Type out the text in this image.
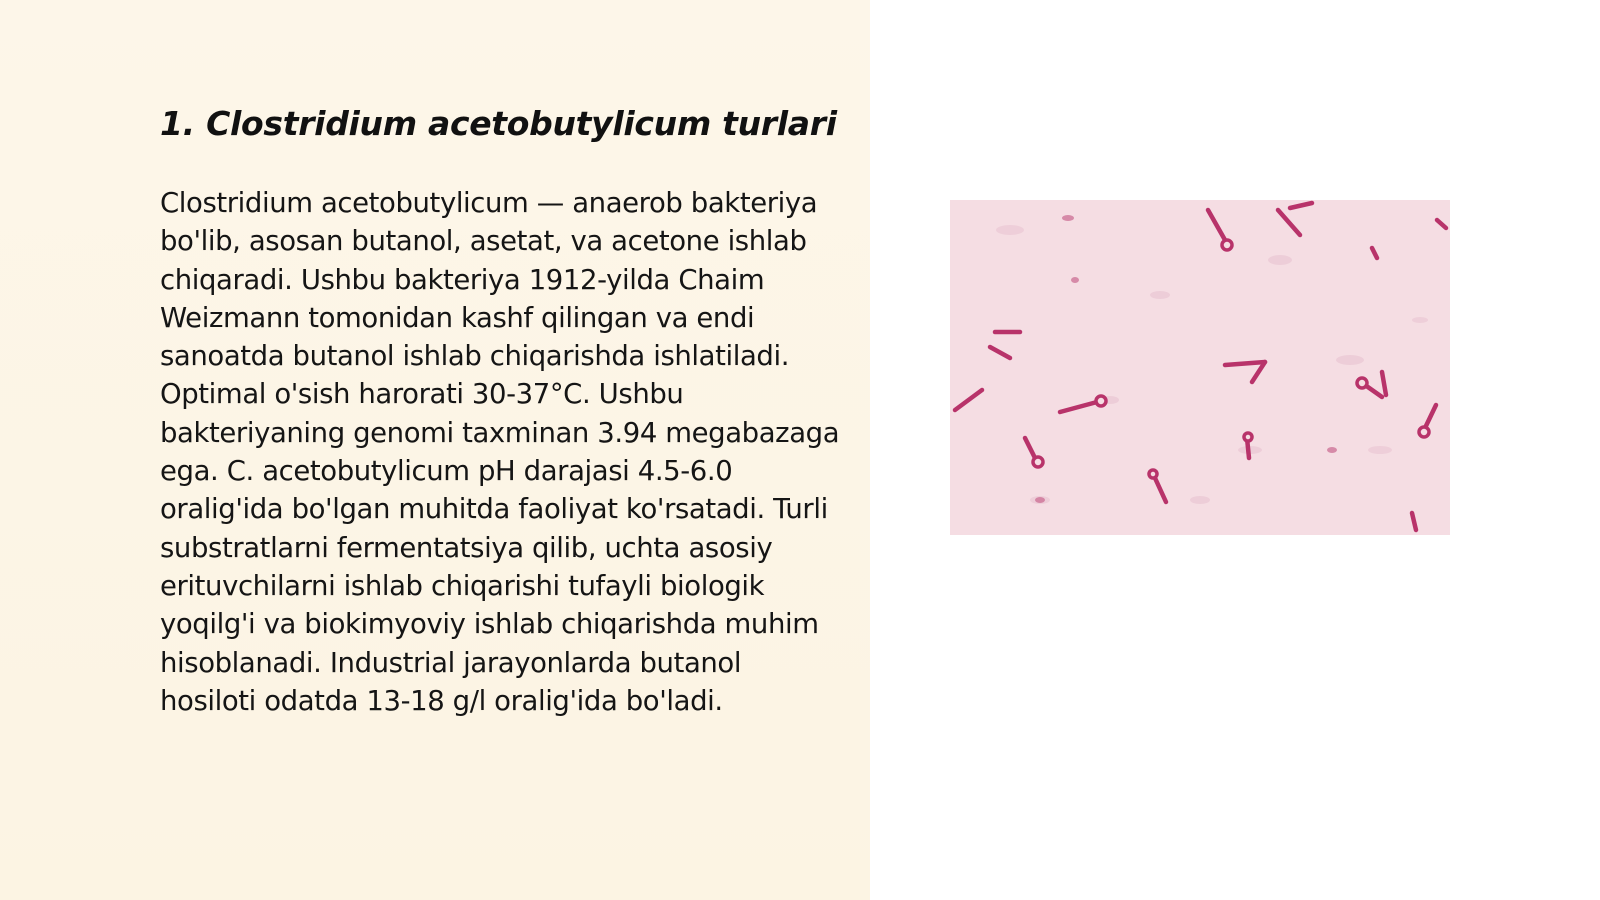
1. Clostridium acetobutylicum turlari

Clostridium acetobutylicum — anaerob bakteriya bo'lib, asosan butanol, asetat, va acetone ishlab chiqaradi. Ushbu bakteriya 1912-yilda Chaim Weizmann tomonidan kashf qilingan va endi sanoatda butanol ishlab chiqarishda ishlatiladi. Optimal o'sish harorati 30-37°C. Ushbu bakteriyaning genomi taxminan 3.94 megabazaga ega. C. acetobutylicum pH darajasi 4.5-6.0 oralig'ida bo'lgan muhitda faoliyat ko'rsatadi. Turli substratlarni fermentatsiya qilib, uchta asosiy erituvchilarni ishlab chiqarishi tufayli biologik yoqilg'i va biokimyoviy ishlab chiqarishda muhim hisoblanadi. Industrial jarayonlarda butanol hosiloti odatda 13-18 g/l oralig'ida bo'ladi.
